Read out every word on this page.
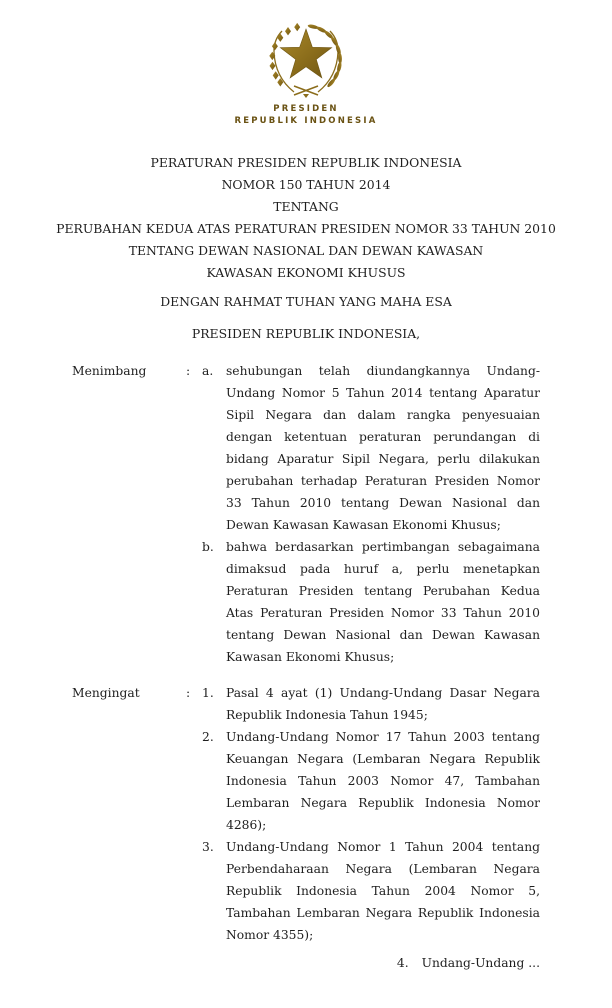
PRESIDEN
REPUBLIK INDONESIA
PERATURAN PRESIDEN REPUBLIK INDONESIA
NOMOR 150 TAHUN 2014
TENTANG
PERUBAHAN KEDUA ATAS PERATURAN PRESIDEN NOMOR 33 TAHUN 2010
TENTANG DEWAN NASIONAL DAN DEWAN KAWASAN
KAWASAN EKONOMI KHUSUS
DENGAN RAHMAT TUHAN YANG MAHA ESA
PRESIDEN REPUBLIK INDONESIA,
Menimbang	: a.	sehubungan telah diundangkannya Undang-Undang Nomor 5 Tahun 2014 tentang Aparatur Sipil Negara dan dalam rangka penyesuaian dengan ketentuan peraturan perundangan di bidang Aparatur Sipil Negara, perlu dilakukan perubahan terhadap Peraturan Presiden Nomor 33 Tahun 2010 tentang Dewan Nasional dan Dewan Kawasan Kawasan Ekonomi Khusus;
b. bahwa berdasarkan pertimbangan sebagaimana dimaksud pada huruf a, perlu menetapkan Peraturan Presiden tentang Perubahan Kedua Atas Peraturan Presiden Nomor 33 Tahun 2010 tentang Dewan Nasional dan Dewan Kawasan Kawasan Ekonomi Khusus;
Mengingat	: 1. Pasal 4 ayat (1) Undang-Undang Dasar Negara Republik Indonesia Tahun 1945;
2. Undang-Undang Nomor 17 Tahun 2003 tentang Keuangan Negara (Lembaran Negara Republik Indonesia Tahun 2003 Nomor 47, Tambahan Lembaran Negara Republik Indonesia Nomor 4286);
3. Undang-Undang Nomor 1 Tahun 2004 tentang Perbendaharaan Negara (Lembaran Negara Republik Indonesia Tahun 2004 Nomor 5, Tambahan Lembaran Negara Republik Indonesia Nomor 4355);
4. Undang-Undang ...
